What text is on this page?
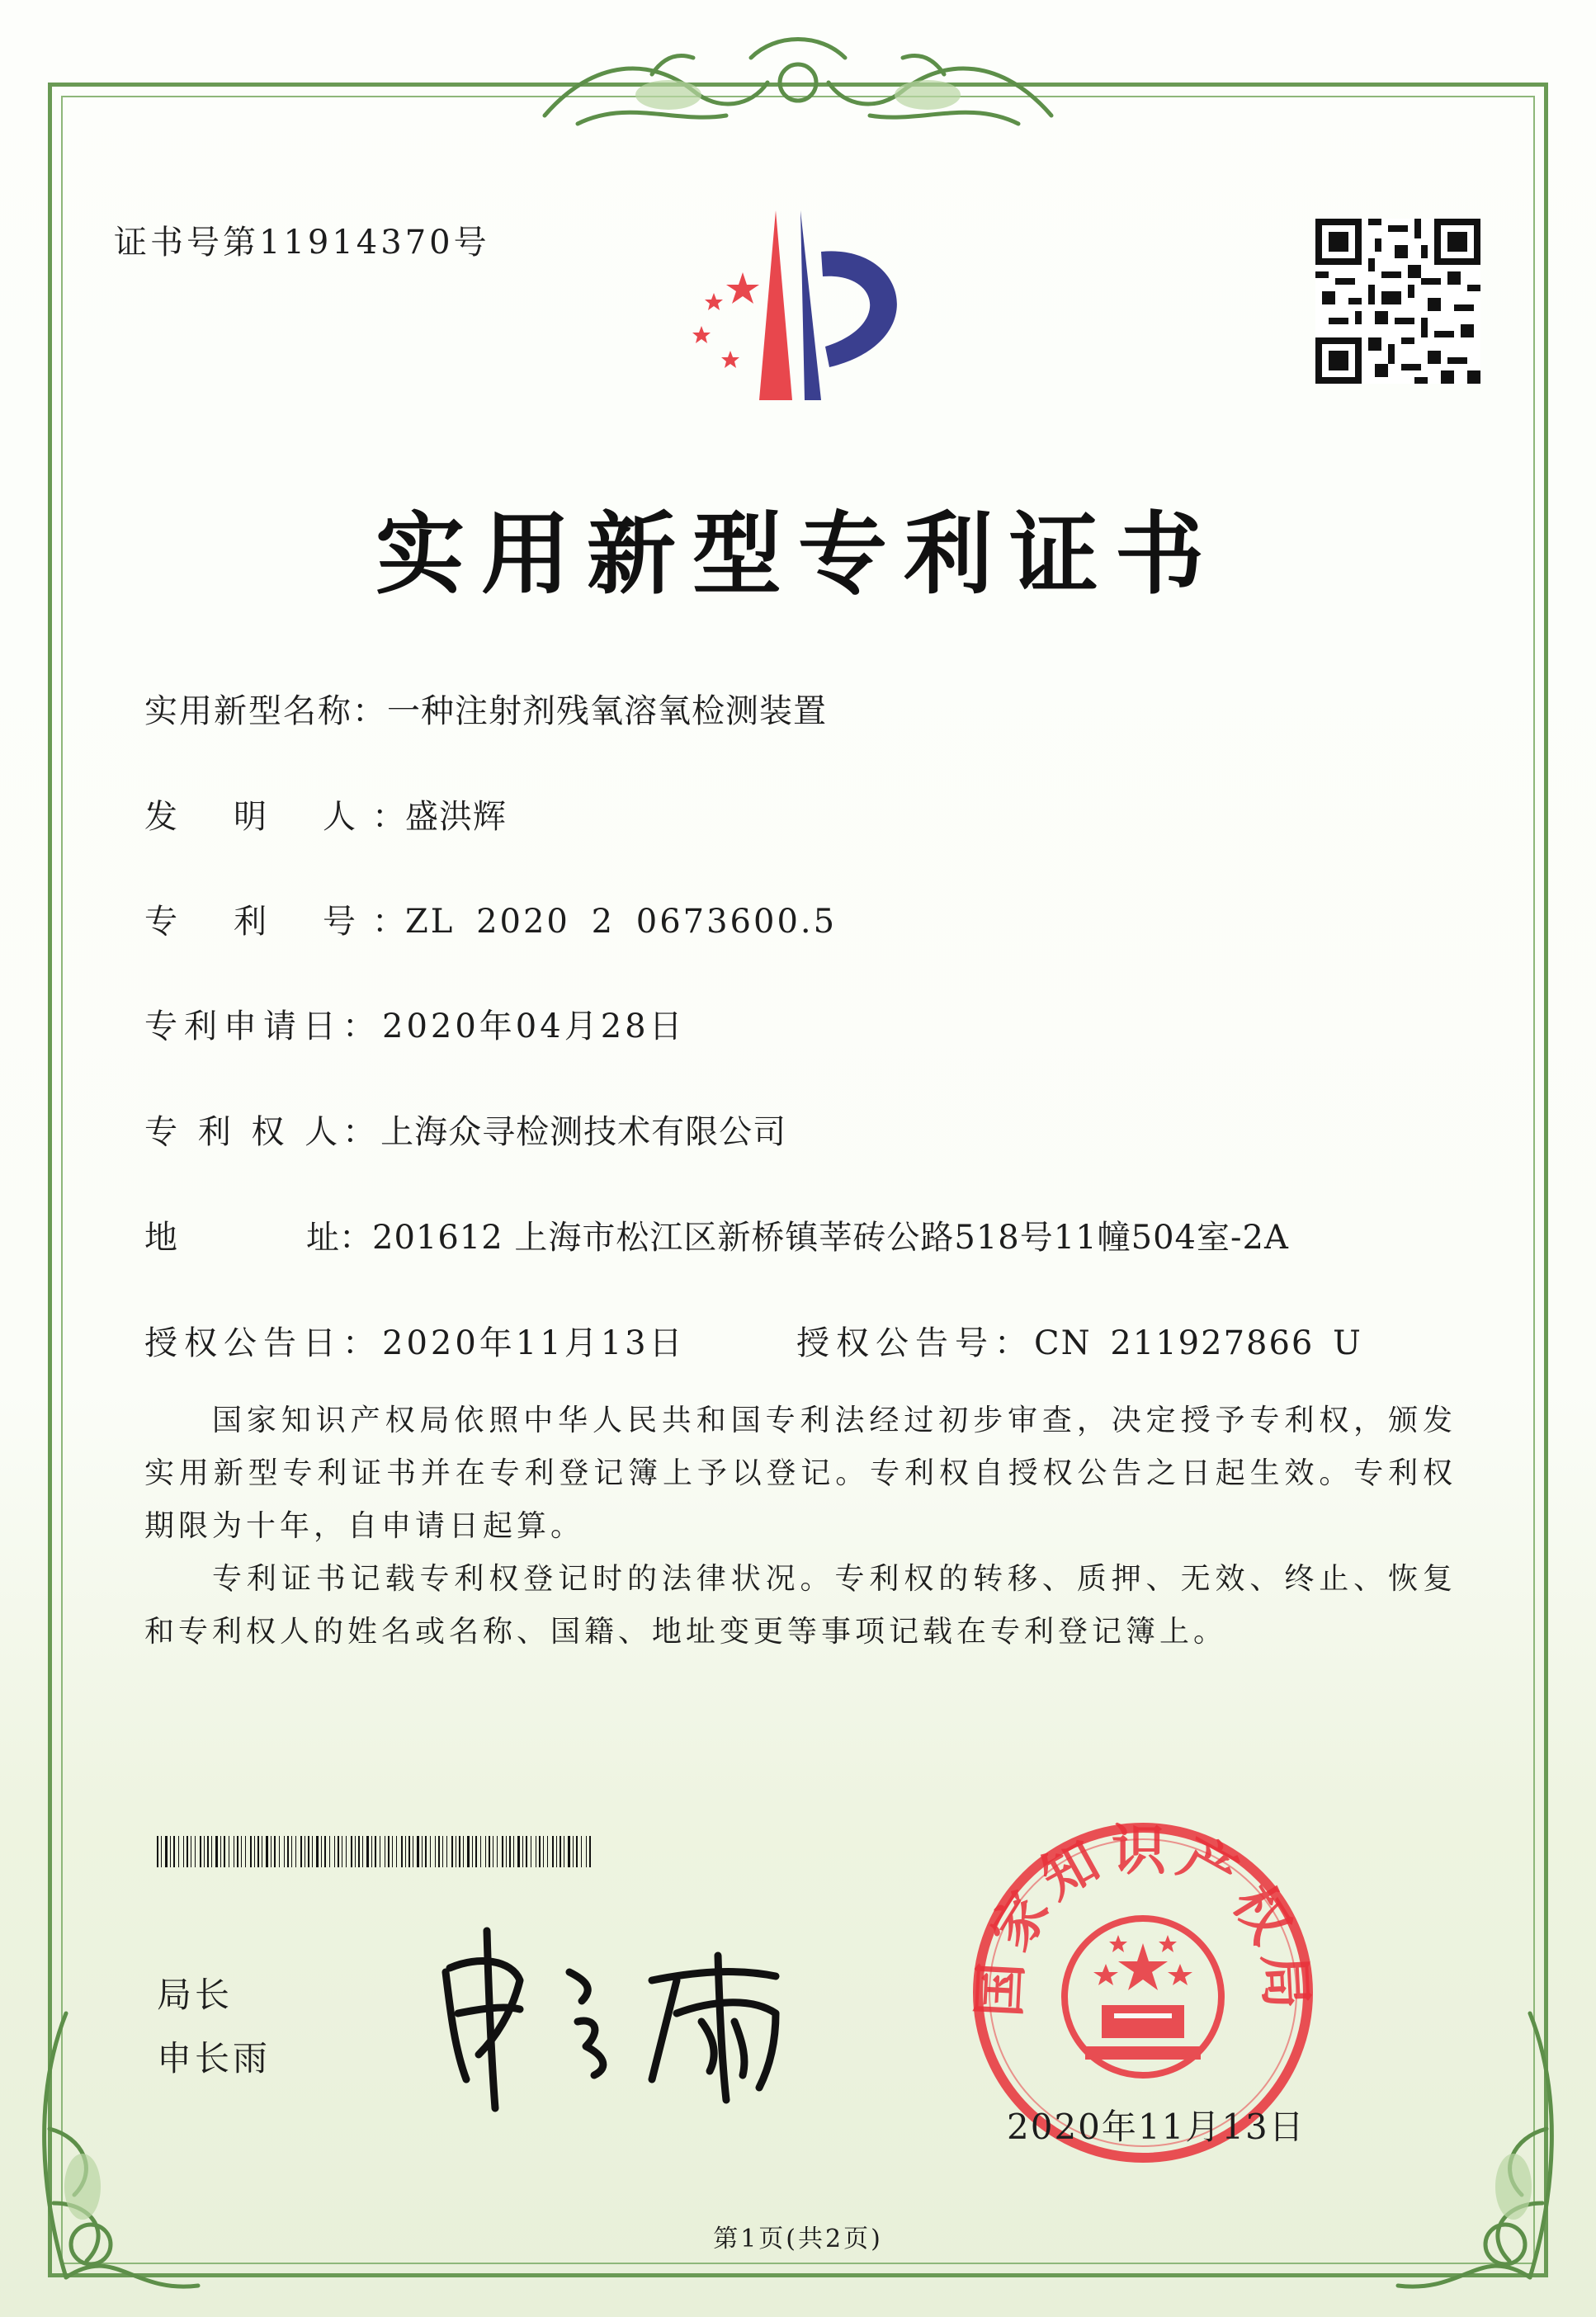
证书号第11914370号
实用新型专利证书
实用新型名称：一种注射剂残氧溶氧检测装置
发 明 人 ：盛洪辉
专 利 号 ：ZL 2020 2 0673600.5
专利申请日：2020年04月28日
专 利 权 人：上海众寻检测技术有限公司
地	址：201612 上海市松江区新桥镇莘砖公路518号11幢504室-2A
授权公告日：2020年11月13日	授权公告号：CN 211927866 U

国家知识产权局依照中华人民共和国专利法经过初步审查，决定授予专利权，颁发实用新型专利证书并在专利登记簿上予以登记。专利权自授权公告之日起生效。专利权期限为十年，自申请日起算。

专利证书记载专利权登记时的法律状况。专利权的转移、质押、无效、终止、恢复和专利权人的姓名或名称、国籍、地址变更等事项记载在专利登记簿上。

局长
申长雨
国家知识产权局
2020年11月13日
第1页(共2页)
